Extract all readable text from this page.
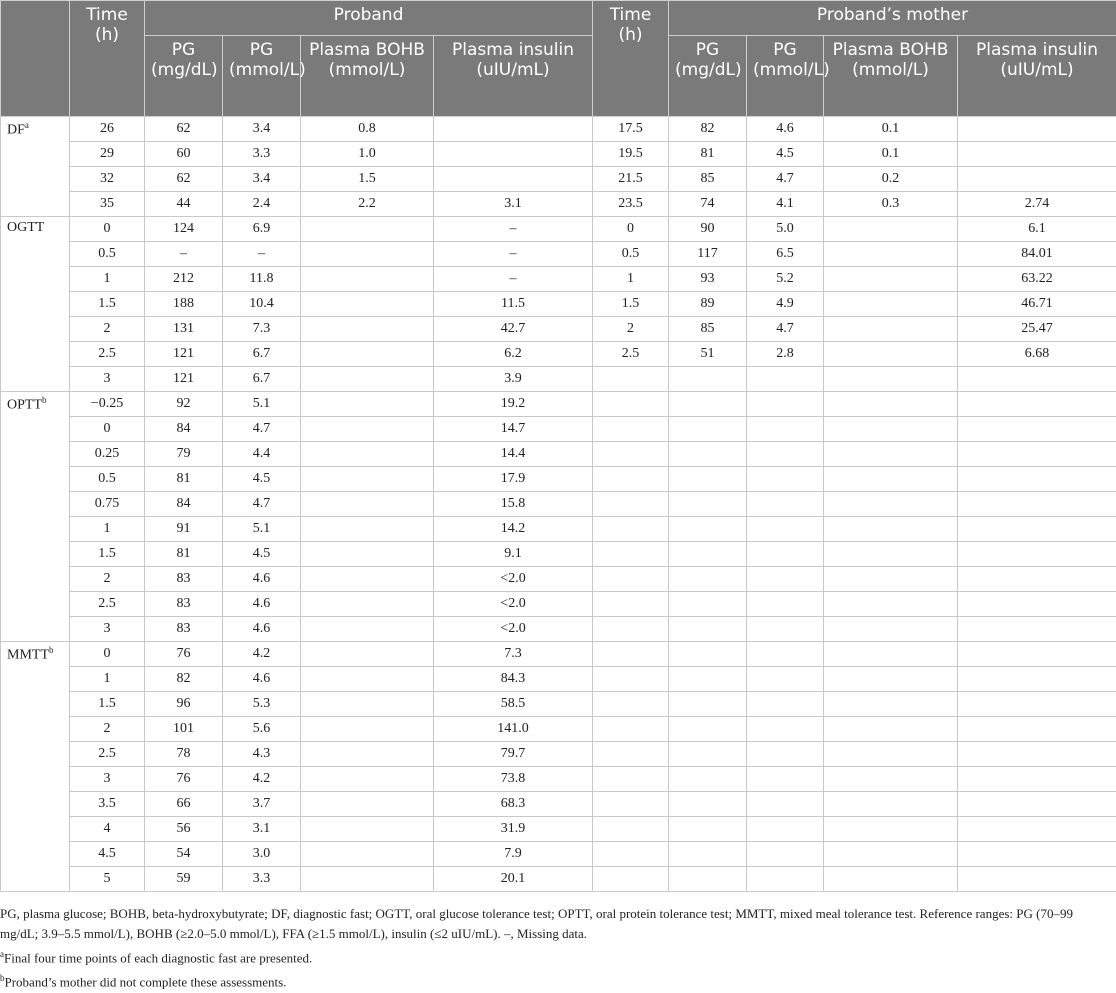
	Time (h)	Proband				Time (h)	Proband’s mother			
		PG (mg/dL)	PG (mmol/L)	Plasma BOHB (mmol/L)	Plasma insulin (uIU/mL)		PG (mg/dL)	PG (mmol/L)	Plasma BOHB (mmol/L)	Plasma insulin (uIU/mL)
$DF^a$	26	62	3.4	0.8		17.5	82	4.6	0.1	
	29	60	3.3	1.0		19.5	81	4.5	0.1	
	32	62	3.4	1.5		21.5	85	4.7	0.2	
	35	44	2.4	2.2	3.1	23.5	74	4.1	0.3	2.74
OGTT	0	124	6.9		–	0	90	5.0		6.1
	0.5	–	–		–	0.5	117	6.5		84.01
	1	212	11.8		–	1	93	5.2		63.22
	1.5	188	10.4		11.5	1.5	89	4.9		46.71
	2	131	7.3		42.7	2	85	4.7		25.47
	2.5	121	6.7		6.2	2.5	51	2.8		6.68
	3	121	6.7		3.9					
$OPTT^b$	−0.25	92	5.1		19.2					
	0	84	4.7		14.7					
	0.25	79	4.4		14.4					
	0.5	81	4.5		17.9					
	0.75	84	4.7		15.8					
	1	91	5.1		14.2					
	1.5	81	4.5		9.1					
	2	83	4.6		<2.0					
	2.5	83	4.6		<2.0					
	3	83	4.6		<2.0					
MMTT$^b$	0	76	4.2		7.3					
	1	82	4.6		84.3					
	1.5	96	5.3		58.5					
	2	101	5.6		141.0					
	2.5	78	4.3		79.7					
	3	76	4.2		73.8					
	3.5	66	3.7		68.3					
	4	56	3.1		31.9					
	4.5	54	3.0		7.9					
	5	59	3.3		20.1					

PG, plasma glucose; BOHB, beta-hydroxybutyrate; DF, diagnostic fast; OGTT, oral glucose tolerance test; OPTT, oral protein tolerance test; MMTT, mixed meal tolerance test. Reference ranges: PG (70–99 mg/dL; 3.9–5.5 mmol/L), BOHB (≥2.0–5.0 mmol/L), FFA (≥1.5 mmol/L), insulin (≤2 uIU/mL). –, Missing data.

$^a$Final four time points of each diagnostic fast are presented.

$^b$Proband’s mother did not complete these assessments.
